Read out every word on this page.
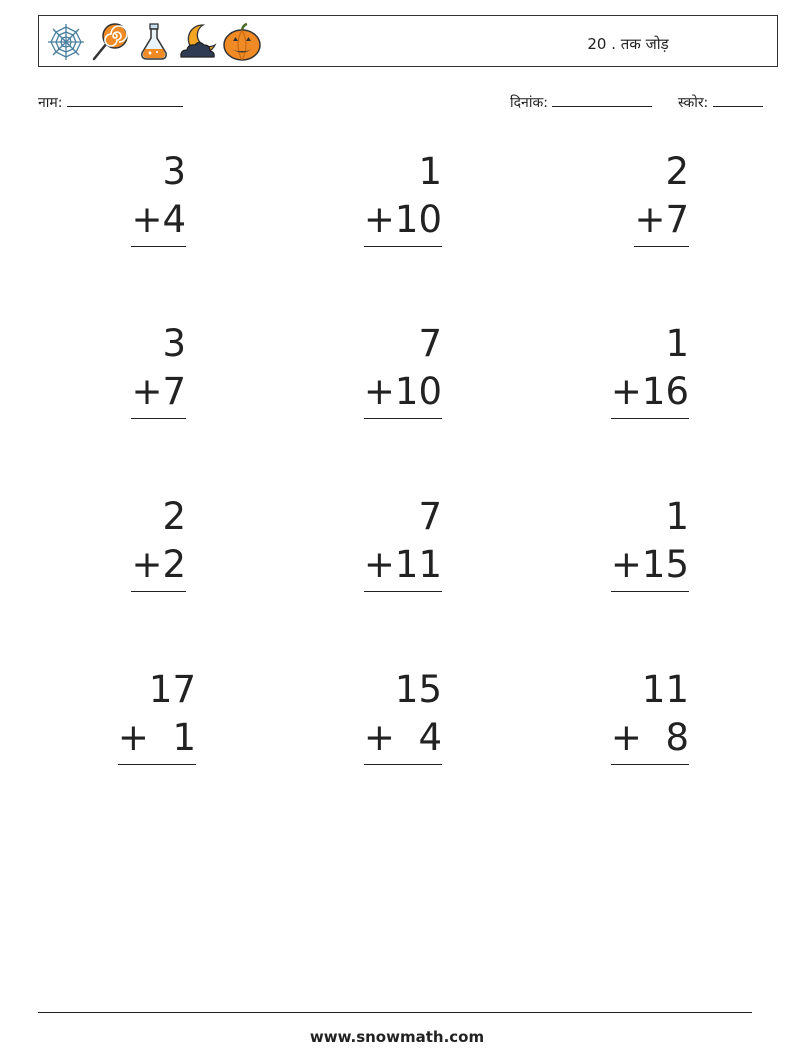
20 . तक जोड़
नाम:	दिनांक:	स्कोर:
3
+4
1
+10
2
+7
3
+7
7
+10
1
+16
2
+2
7
+11
1
+15
17
+  1
15
+  4
11
+  8
www.snowmath.com
